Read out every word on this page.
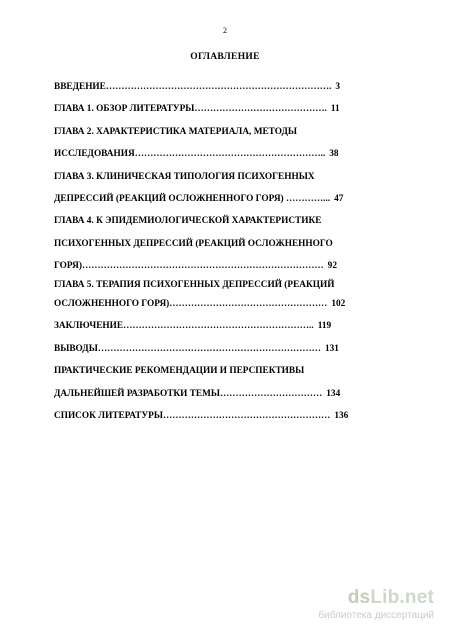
2
ОГЛАВЛЕНИЕ
ВВЕДЕНИЕ………………………………………………………………. 3
ГЛАВА 1. ОБЗОР ЛИТЕРАТУРЫ……………………………………. 11
ГЛАВА 2. ХАРАКТЕРИСТИКА МАТЕРИАЛА, МЕТОДЫ
ИССЛЕДОВАНИЯ…………………………………………………….. 38
ГЛАВА 3. КЛИНИЧЕСКАЯ ТИПОЛОГИЯ ПСИХОГЕННЫХ
ДЕПРЕССИЙ (РЕАКЦИЙ ОСЛОЖНЕННОГО ГОРЯ) …………... 47
ГЛАВА 4. К ЭПИДЕМИОЛОГИЧЕСКОЙ ХАРАКТЕРИСТИКЕ
ПСИХОГЕННЫХ ДЕПРЕССИЙ (РЕАКЦИЙ ОСЛОЖНЕННОГО
ГОРЯ)…………………………………………………………………… 92
ГЛАВА 5. ТЕРАПИЯ ПСИХОГЕННЫХ ДЕПРЕССИЙ (РЕАКЦИЙ
ОСЛОЖНЕННОГО ГОРЯ)…………………………………………… 102
ЗАКЛЮЧЕНИЕ…………………………………………………….. 119
ВЫВОДЫ……………………………………………………………… 131
ПРАКТИЧЕСКИЕ РЕКОМЕНДАЦИИ И ПЕРСПЕКТИВЫ
ДАЛЬНЕЙШЕЙ РАЗРАБОТКИ ТЕМЫ…………………………… 134
СПИСОК ЛИТЕРАТУРЫ……………………………………………… 136
dsLib.net
библиотека диссертаций
